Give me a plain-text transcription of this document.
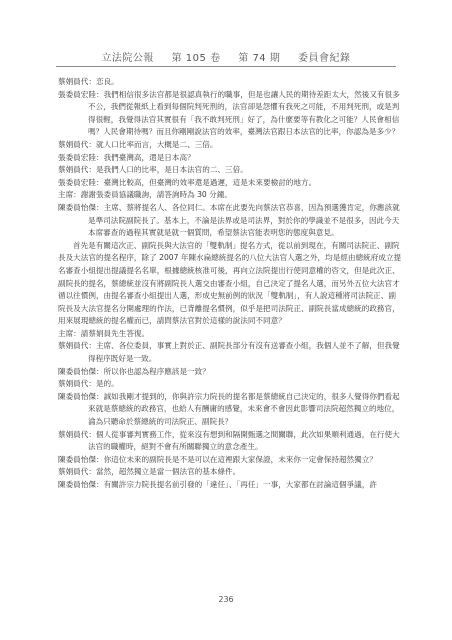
立法院公報 第 105 卷 第 74 期 委員會紀錄

蔡娟員代：恋良。

張委員宏陸：我們相信很多法官都是很認真執行的職事，但是也讓人民的期待差距太大，然後又有很多不公，我們從報紙上看到每個院判死刑的，法官卻是怨懼有我死之可能，不用判死刑，或是判得很輕，我覺得法官其實很有「我不敢判死刑」好了，為什麼要等有教化之可能？人民會相信嗎？人民會期待嗎？而且你剛剛說法官的效率，臺灣法官跟日本法官的比率，你認為是多少？

蔡娟員代：就人口比率而言，大概是二、三倍。

張委員宏陸：我們臺灣高，還是日本高？

蔡娟員代：是我們人口的比率，是日本法官的二、三倍。

張委員宏陸：臺灣比較高，但臺灣的效率還是過遲，這是未來要檢討的地方。

主席：謝謝張委員協議職詢，請答詢時為 30 分鐘。

陳委員怡傑：主席、蔡將提名人、各位同仁。本席在此要先向蔡法官恭喜，因為預選獲肯定，你應該就是準司法院副院長了。基本上，不論是法界或是司法界，對於你的學識並不是很多，因此今天本席審查的過程其實就是就一個質問，希望蔡法官能表明您的態度與意見。

首先是有關這次正、副院長與大法官的「雙軌制」提名方式，從以前到現在，有關司法院正、副院長及大法官的提名程序，除了 2007 年陳水扁總統提名的八位大法官人選之外，均是經由總統府成立提名審查小組提出提議提名名單，根據總統核准可後，再向立法院提出行使同意權的咨文，但是此次正、副院長的提名，蔡總統並沒有將副院長人選交由審查小組，自己決定了提名人選，而另外五位大法官才循以往慣例，由提名審查小組提出人選，形成史無前例的狀況「雙軌制」，有人說這種將司法院正、副院長及大法官提名分開處理的作法，已背離提名慣例，似乎是把司法院正、副院長當成總統的政務官，用來展現總統的提名權而已，請問蔡法官對於這樣的說法同不同意？

主席：請蔡娟員先生答復。

蔡娟員代：主席、各位委員，事實上對於正、副院長部分有沒有送審查小組，我個人並不了解，但我覺得程序既好是一致。

陳委員怡傑：所以你也認為程序應該是一致？

蔡娟員代：是的。

陳委員怡傑：誠如我剛才提到的，你與許宗力院長的提名都是蔡總統自己決定的，很多人覺得你們看起來就是蔡總統的政務官，也給人有酬庸的感覺，未來會不會因此影響司法院超然獨立的地位，淪為只聽命於蔡總統的司法院正、副院長？

蔡娟員代：個人從事審判實務工作，從來沒有想到和隔開甄選之間關聯，此次如果順利通過，在行使大法官的職權時，絕對不會有所關聯獨立的意念產生。

陳委員怡傑：你這位未來的副院長是不是可以在這裡跟大家保證，未來你一定會保持超然獨立？

蔡娟員代：當然，超然獨立是當一個法官的基本條件。

陳委員怡傑：有關許宗力院長提名前引發的「違任」、「再任」一事，大家都在討論這個爭議，許

236
